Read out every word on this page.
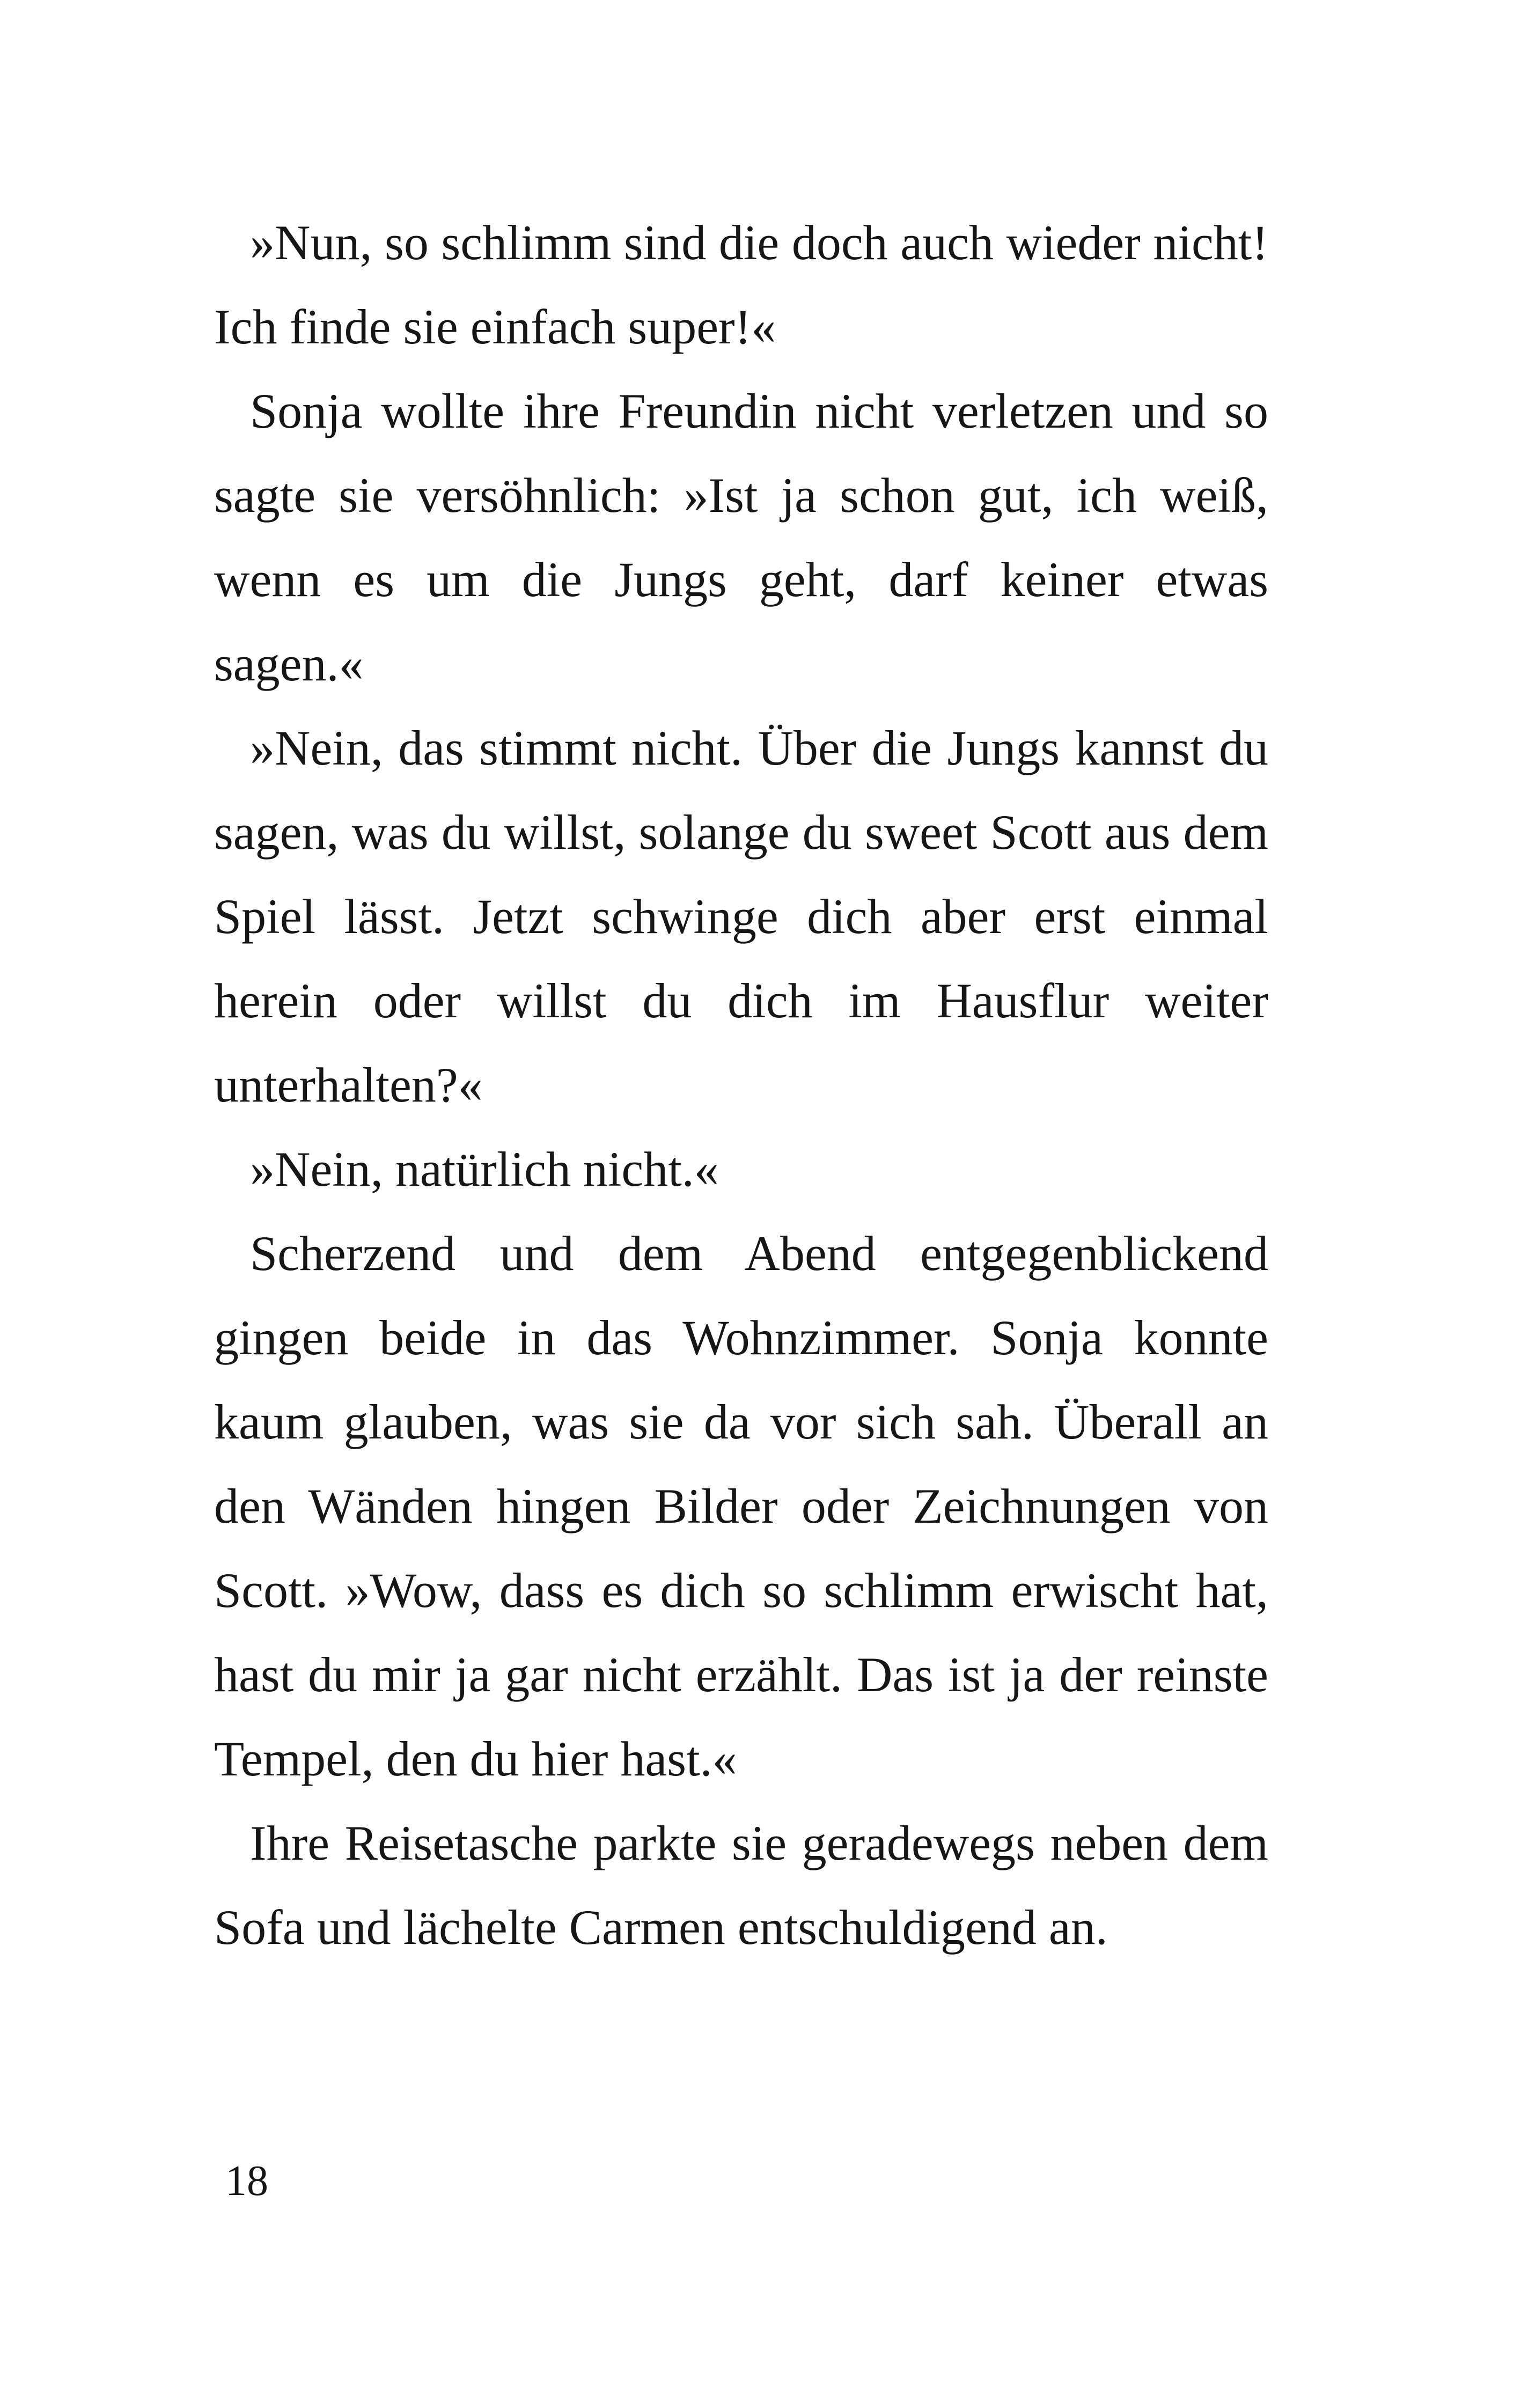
»Nun, so schlimm sind die doch auch wieder nicht! Ich finde sie einfach super!«

Sonja wollte ihre Freundin nicht verletzen und so sagte sie versöhnlich: »Ist ja schon gut, ich weiß, wenn es um die Jungs geht, darf keiner etwas sagen.«

»Nein, das stimmt nicht. Über die Jungs kannst du sagen, was du willst, solange du sweet Scott aus dem Spiel lässt. Jetzt schwinge dich aber erst einmal herein oder willst du dich im Hausflur weiter unterhalten?«

»Nein, natürlich nicht.«

Scherzend und dem Abend entgegenblickend gingen beide in das Wohnzimmer. Sonja konnte kaum glauben, was sie da vor sich sah. Überall an den Wänden hingen Bilder oder Zeichnungen von Scott. »Wow, dass es dich so schlimm erwischt hat, hast du mir ja gar nicht erzählt. Das ist ja der reinste Tempel, den du hier hast.«

Ihre Reisetasche parkte sie geradewegs neben dem Sofa und lächelte Carmen entschuldigend an.

18
